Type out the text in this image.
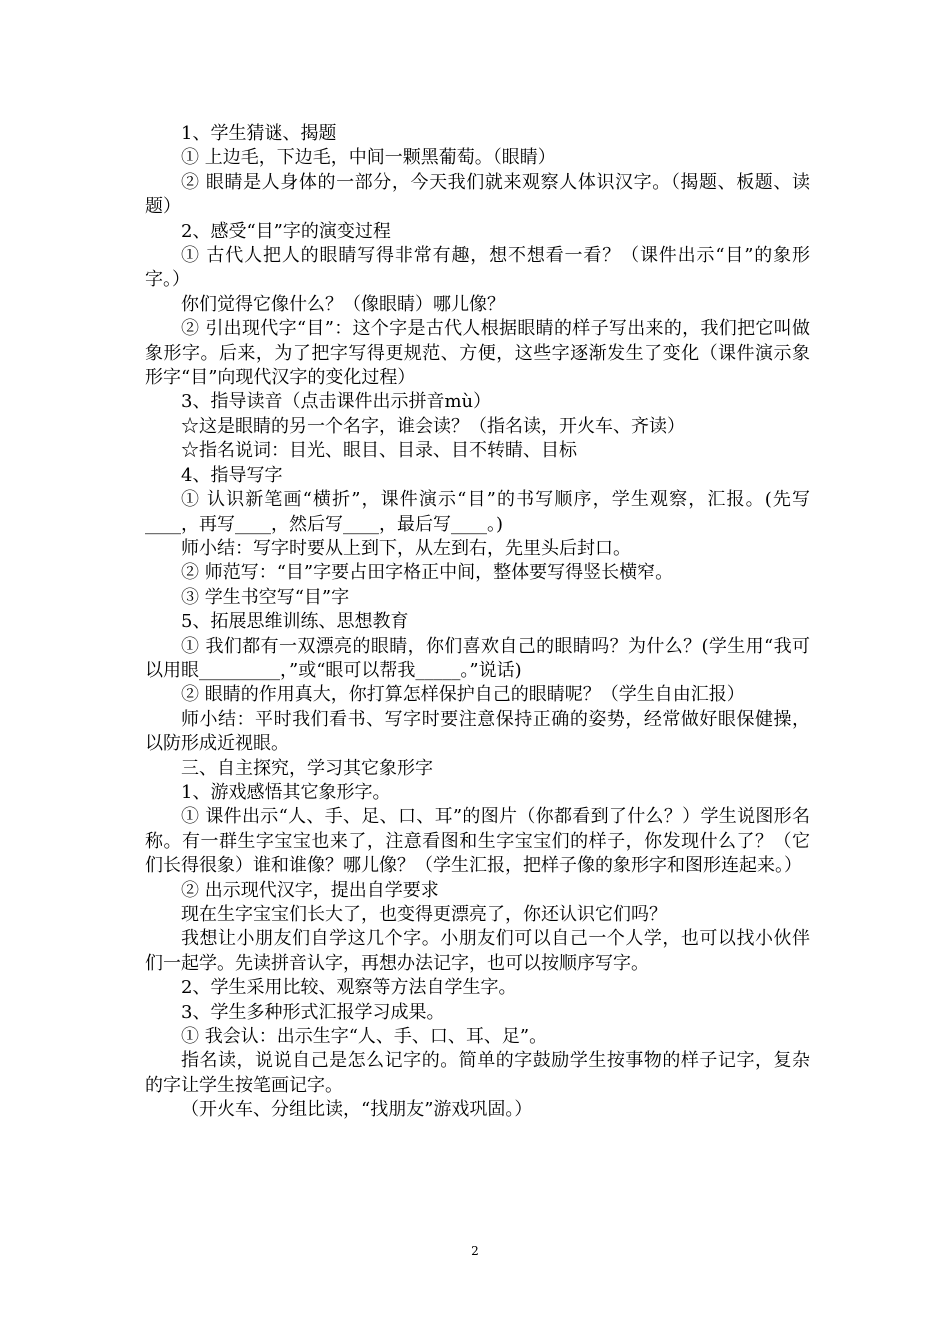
1、学生猜谜、揭题

① 上边毛，下边毛，中间一颗黑葡萄。（眼睛）

② 眼睛是人身体的一部分，今天我们就来观察人体识汉字。（揭题、板题、读题）

2、感受“目”字的演变过程

① 古代人把人的眼睛写得非常有趣，想不想看一看？（课件出示“目”的象形字。）

你们觉得它像什么？（像眼睛）哪儿像？

② 引出现代字“目”：这个字是古代人根据眼睛的样子写出来的，我们把它叫做象形字。后来，为了把字写得更规范、方便，这些字逐渐发生了变化（课件演示象形字“目”向现代汉字的变化过程）

3、指导读音（点击课件出示拼音mù）

☆这是眼睛的另一个名字，谁会读？（指名读，开火车、齐读）

☆指名说词：目光、眼目、目录、目不转睛、目标

4、指导写字

① 认识新笔画“横折”，课件演示“目”的书写顺序，学生观察，汇报。(先写____，再写____，然后写____，最后写____。)

师小结：写字时要从上到下，从左到右，先里头后封口。

② 师范写：“目”字要占田字格正中间，整体要写得竖长横窄。

③ 学生书空写“目”字

5、拓展思维训练、思想教育

① 我们都有一双漂亮的眼睛，你们喜欢自己的眼睛吗？为什么？(学生用“我可以用眼_________，”或“眼可以帮我_____。”说话)

② 眼睛的作用真大，你打算怎样保护自己的眼睛呢？（学生自由汇报）

师小结：平时我们看书、写字时要注意保持正确的姿势，经常做好眼保健操，以防形成近视眼。

三、自主探究，学习其它象形字

1、游戏感悟其它象形字。

① 课件出示“人、手、足、口、耳”的图片（你都看到了什么？）学生说图形名称。有一群生字宝宝也来了，注意看图和生字宝宝们的样子，你发现什么了？（它们长得很象）谁和谁像？哪儿像？（学生汇报，把样子像的象形字和图形连起来。）

② 出示现代汉字，提出自学要求

现在生字宝宝们长大了，也变得更漂亮了，你还认识它们吗？

我想让小朋友们自学这几个字。小朋友们可以自己一个人学，也可以找小伙伴们一起学。先读拼音认字，再想办法记字，也可以按顺序写字。

2、学生采用比较、观察等方法自学生字。

3、学生多种形式汇报学习成果。

① 我会认：出示生字“人、手、口、耳、足”。

指名读，说说自己是怎么记字的。简单的字鼓励学生按事物的样子记字，复杂的字让学生按笔画记字。

（开火车、分组比读，“找朋友”游戏巩固。）

2
